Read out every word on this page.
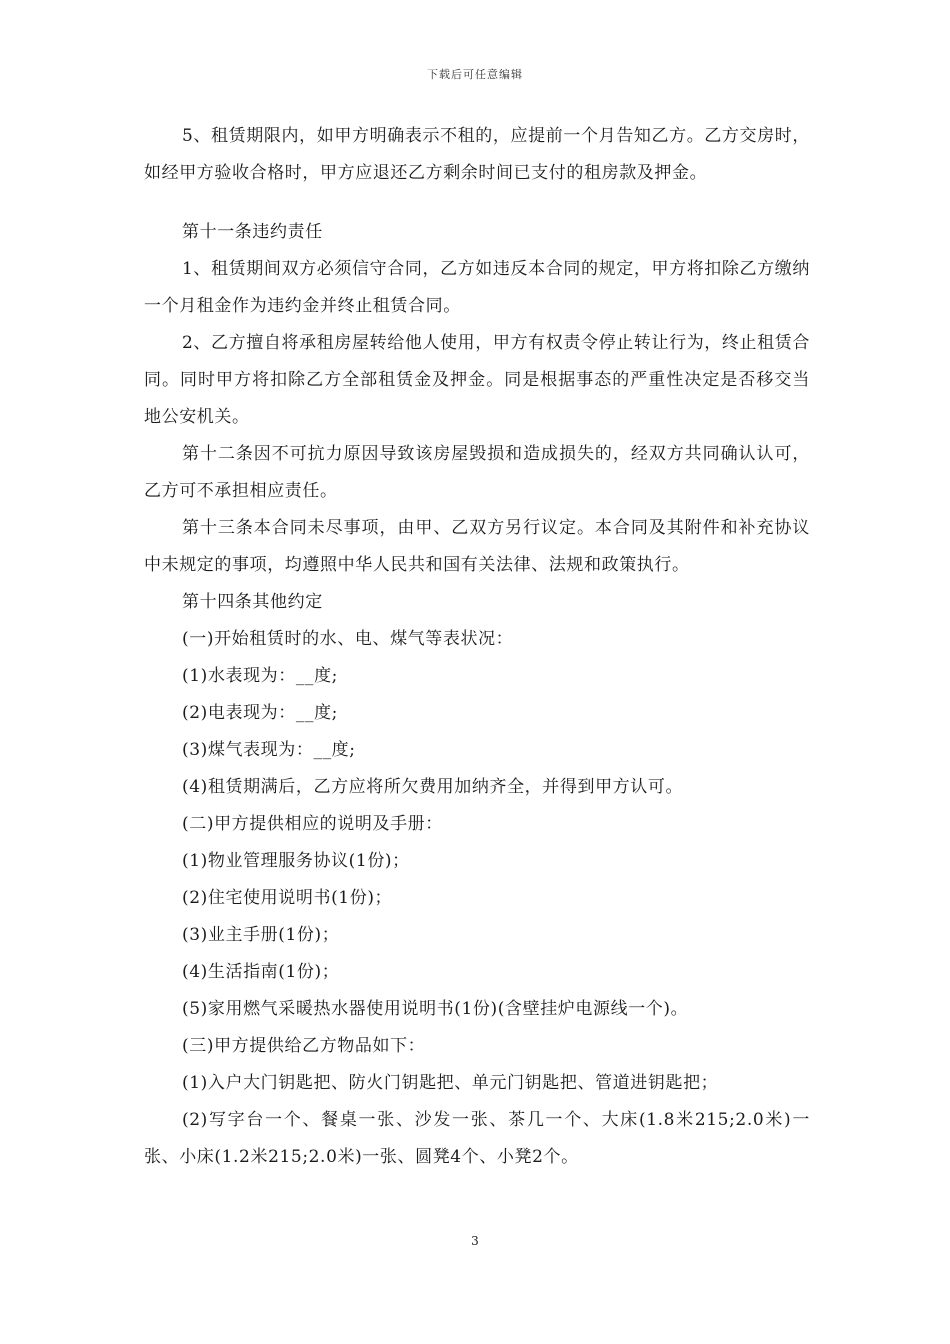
下载后可任意编辑

5、租赁期限内，如甲方明确表示不租的，应提前一个月告知乙方。乙方交房时，如经甲方验收合格时，甲方应退还乙方剩余时间已支付的租房款及押金。

第十一条违约责任

1、租赁期间双方必须信守合同，乙方如违反本合同的规定，甲方将扣除乙方缴纳一个月租金作为违约金并终止租赁合同。

2、乙方擅自将承租房屋转给他人使用，甲方有权责令停止转让行为，终止租赁合同。同时甲方将扣除乙方全部租赁金及押金。同是根据事态的严重性决定是否移交当地公安机关。

第十二条因不可抗力原因导致该房屋毁损和造成损失的，经双方共同确认认可，乙方可不承担相应责任。

第十三条本合同未尽事项，由甲、乙双方另行议定。本合同及其附件和补充协议中未规定的事项，均遵照中华人民共和国有关法律、法规和政策执行。

第十四条其他约定

(一)开始租赁时的水、电、煤气等表状况：

(1)水表现为：__度;

(2)电表现为：__度;

(3)煤气表现为：__度;

(4)租赁期满后，乙方应将所欠费用加纳齐全，并得到甲方认可。

(二)甲方提供相应的说明及手册：

(1)物业管理服务协议(1份)；

(2)住宅使用说明书(1份)；

(3)业主手册(1份)；

(4)生活指南(1份)；

(5)家用燃气采暖热水器使用说明书(1份)(含壁挂炉电源线一个)。

(三)甲方提供给乙方物品如下：

(1)入户大门钥匙把、防火门钥匙把、单元门钥匙把、管道进钥匙把；

(2)写字台一个、餐桌一张、沙发一张、茶几一个、大床(1.8米215;2.0米)一张、小床(1.2米215;2.0米)一张、圆凳4个、小凳2个。

3
